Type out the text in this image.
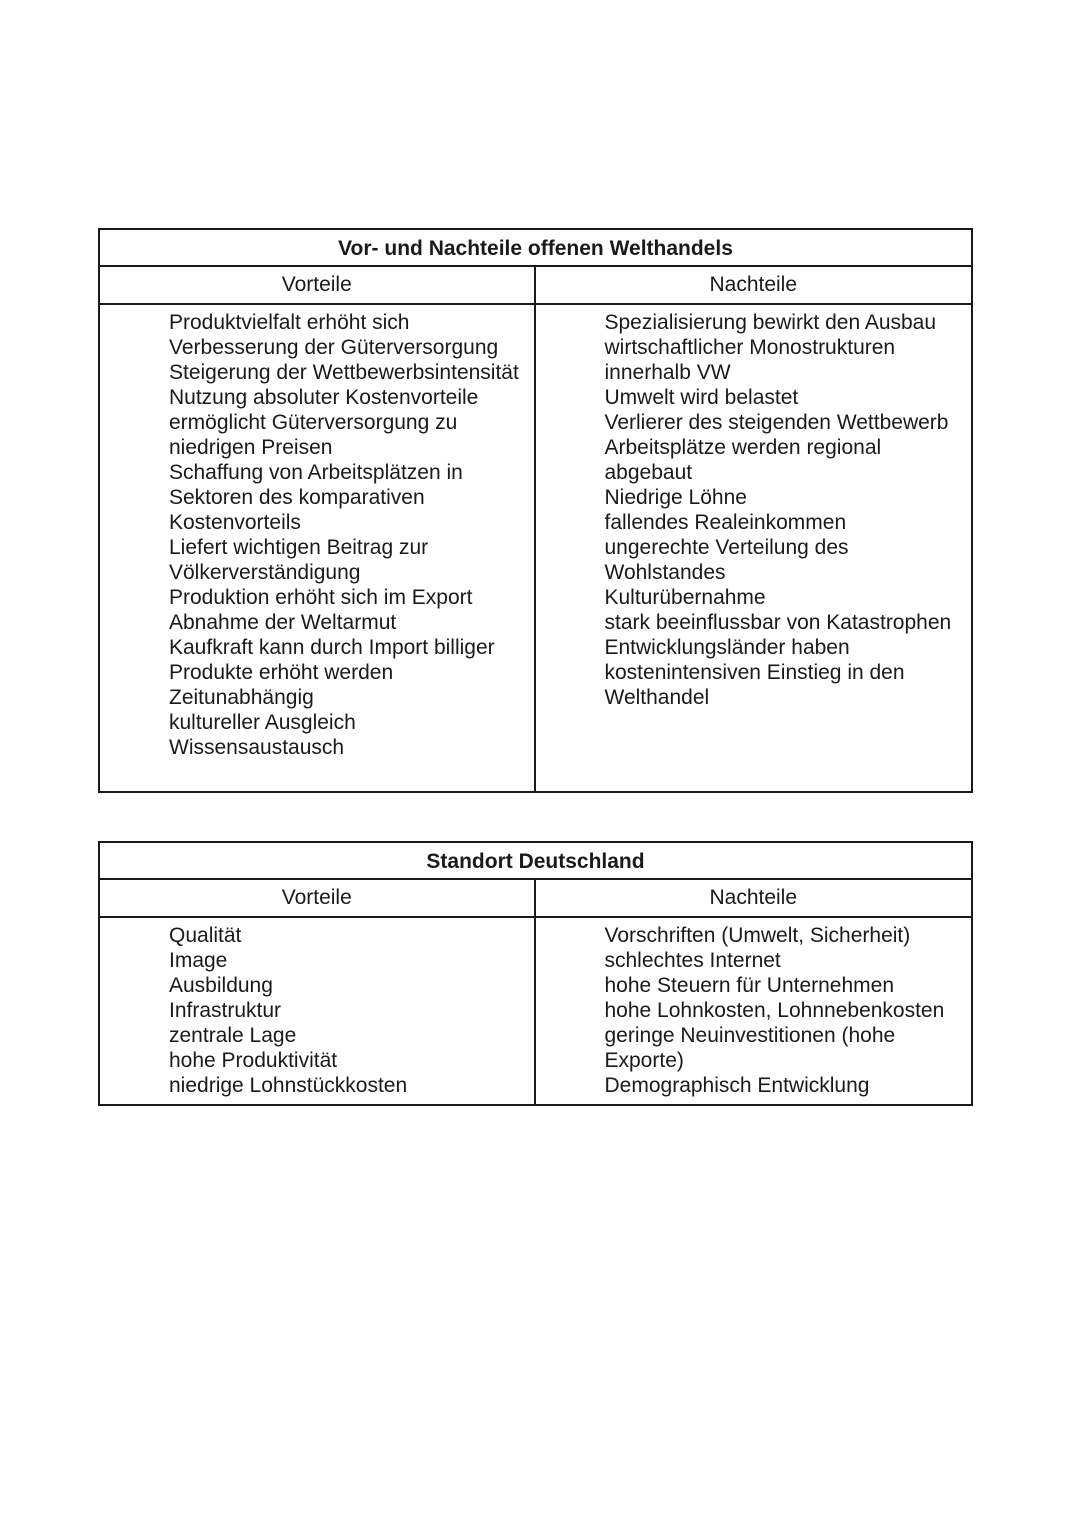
Vor- und Nachteile offenen Welthandels
Vorteile	Nachteile
Produktvielfalt erhöht sich
Verbesserung der Güterversorgung
Steigerung der Wettbewerbsintensität
Nutzung absoluter Kostenvorteile ermöglicht Güterversorgung zu niedrigen Preisen
Schaffung von Arbeitsplätzen in Sektoren des komparativen Kostenvorteils
Liefert wichtigen Beitrag zur Völkerverständigung
Produktion erhöht sich im Export
Abnahme der Weltarmut
Kaufkraft kann durch Import billiger Produkte erhöht werden
Zeitunabhängig
kultureller Ausgleich
Wissensaustausch
Spezialisierung bewirkt den Ausbau wirtschaftlicher Monostrukturen innerhalb VW
Umwelt wird belastet
Verlierer des steigenden Wettbewerb
Arbeitsplätze werden regional abgebaut
Niedrige Löhne
fallendes Realeinkommen
ungerechte Verteilung des Wohlstandes
Kulturübernahme
stark beeinflussbar von Katastrophen
Entwicklungsländer haben kostenintensiven Einstieg in den Welthandel
Standort Deutschland
Vorteile	Nachteile
Qualität
Image
Ausbildung
Infrastruktur
zentrale Lage
hohe Produktivität
niedrige Lohnstückkosten
Vorschriften (Umwelt, Sicherheit)
schlechtes Internet
hohe Steuern für Unternehmen
hohe Lohnkosten, Lohnnebenkosten
geringe Neuinvestitionen (hohe Exporte)
Demographisch Entwicklung
